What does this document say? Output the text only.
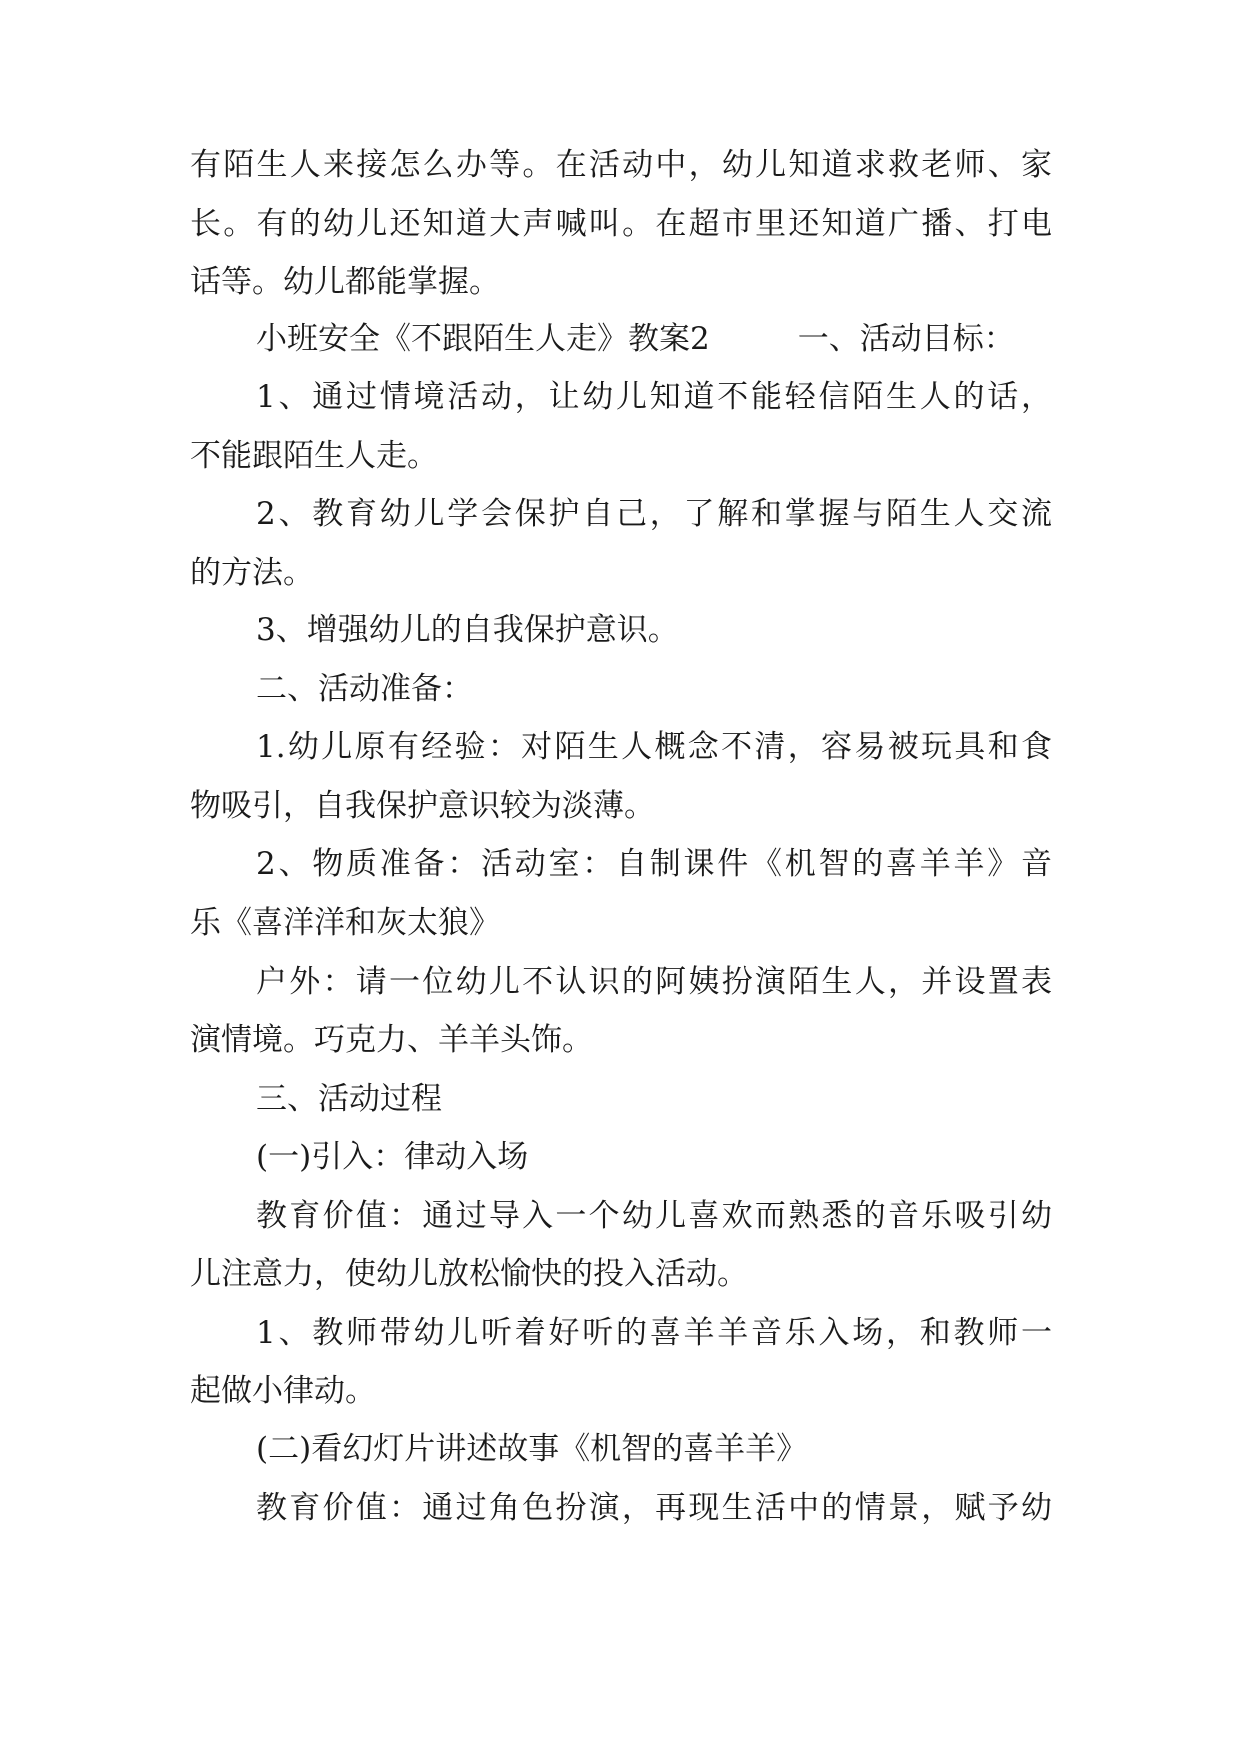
有陌生人来接怎么办等。在活动中，幼儿知道求救老师、家
长。有的幼儿还知道大声喊叫。在超市里还知道广播、打电
话等。幼儿都能掌握。
小班安全《不跟陌生人走》教案2	一、活动目标：
1、通过情境活动，让幼儿知道不能轻信陌生人的话，
不能跟陌生人走。
2、教育幼儿学会保护自己，了解和掌握与陌生人交流
的方法。
3、增强幼儿的自我保护意识。
二、活动准备：
1.幼儿原有经验：对陌生人概念不清，容易被玩具和食
物吸引，自我保护意识较为淡薄。
2、物质准备：活动室：自制课件《机智的喜羊羊》音
乐《喜洋洋和灰太狼》
户外：请一位幼儿不认识的阿姨扮演陌生人，并设置表
演情境。巧克力、羊羊头饰。
三、活动过程
(一)引入：律动入场
教育价值：通过导入一个幼儿喜欢而熟悉的音乐吸引幼
儿注意力，使幼儿放松愉快的投入活动。
1、教师带幼儿听着好听的喜羊羊音乐入场，和教师一
起做小律动。
(二)看幻灯片讲述故事《机智的喜羊羊》
教育价值：通过角色扮演，再现生活中的情景，赋予幼
